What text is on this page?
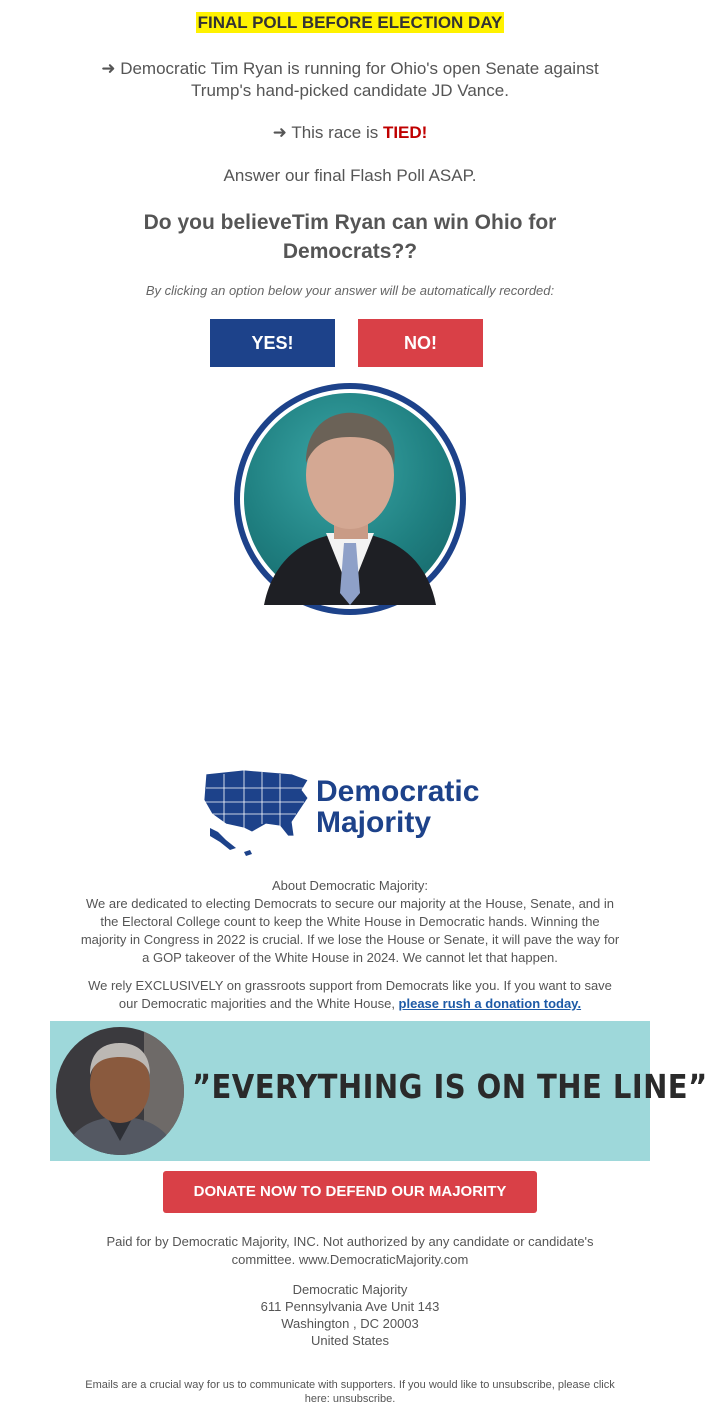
FINAL POLL BEFORE ELECTION DAY
➜ Democratic Tim Ryan is running for Ohio's open Senate against
Trump's hand-picked candidate JD Vance.
➜ This race is TIED!
Answer our final Flash Poll ASAP.
Do you believeTim Ryan can win Ohio for
Democrats??
By clicking an option below your answer will be automatically recorded:
YES!	NO!
Democratic
Majority
About Democratic Majority:
We are dedicated to electing Democrats to secure our majority at the House, Senate, and in
the Electoral College count to keep the White House in Democratic hands. Winning the
majority in Congress in 2022 is crucial. If we lose the House or Senate, it will pave the way for
a GOP takeover of the White House in 2024. We cannot let that happen.
We rely EXCLUSIVELY on grassroots support from Democrats like you. If you want to save
our Democratic majorities and the White House, please rush a donation today.
”EVERYTHING IS ON THE LINE”
DONATE NOW TO DEFEND OUR MAJORITY
Paid for by Democratic Majority, INC. Not authorized by any candidate or candidate's
committee. www.DemocraticMajority.com
Democratic Majority
611 Pennsylvania Ave Unit 143
Washington , DC 20003
United States
Emails are a crucial way for us to communicate with supporters. If you would like to unsubscribe, please click
here: unsubscribe.
